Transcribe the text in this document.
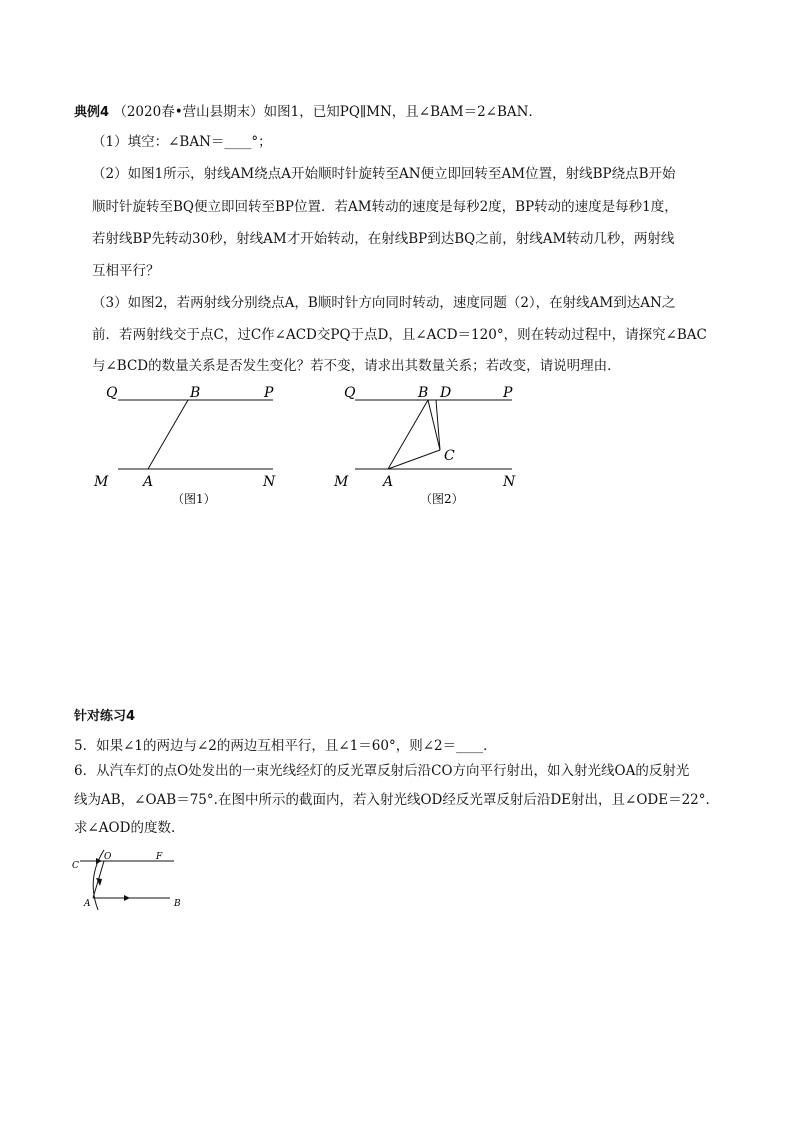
典例4 （2020春•营山县期末）如图1，已知PQ∥MN，且∠BAM＝2∠BAN．
（1）填空：∠BAN＝____°；
（2）如图1所示，射线AM绕点A开始顺时针旋转至AN便立即回转至AM位置，射线BP绕点B开始
顺时针旋转至BQ便立即回转至BP位置．若AM转动的速度是每秒2度，BP转动的速度是每秒1度，
若射线BP先转动30秒，射线AM才开始转动，在射线BP到达BQ之前，射线AM转动几秒，两射线
互相平行？
（3）如图2，若两射线分别绕点A，B顺时针方向同时转动，速度同题（2），在射线AM到达AN之
前．若两射线交于点C，过C作∠ACD交PQ于点D，且∠ACD＝120°，则在转动过程中，请探究∠BAC
与∠BCD的数量关系是否发生变化？若不变，请求出其数量关系；若改变，请说明理由．
Q	B	P
M A	N
（图1）
Q	B D	P
C
M A	N
（图2）
针对练习4
5．如果∠1的两边与∠2的两边互相平行，且∠1＝60°，则∠2＝____．
6．从汽车灯的点O处发出的一束光线经灯的反光罩反射后沿CO方向平行射出，如入射光线OA的反射光
线为AB，∠OAB＝75°.在图中所示的截面内，若入射光线OD经反光罩反射后沿DE射出，且∠ODE＝22°.
求∠AOD的度数.
C
O	F
A	B
